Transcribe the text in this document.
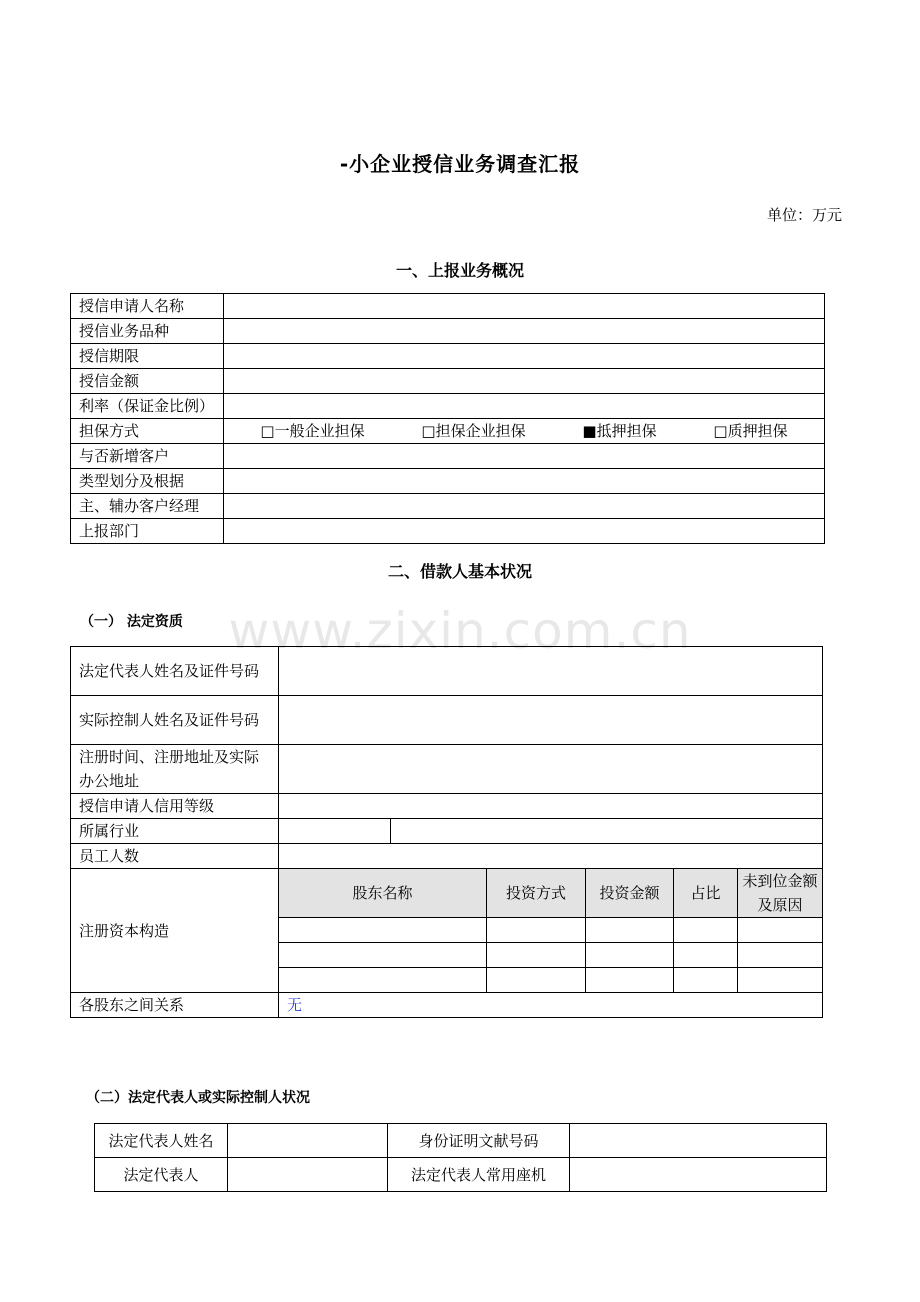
-小企业授信业务调查汇报
单位：万元
一、上报业务概况
授信申请人名称	
授信业务品种	
授信期限	
授信金额	
利率（保证金比例）	
担保方式	□一般企业担保 □担保企业担保 ■抵押担保 □质押担保

与否新增客户	
类型划分及根据	
主、辅办客户经理	
上报部门	
二、借款人基本状况
（一） 法定资质 www.zixin.com.cn
法定代表人姓名及证件号码						
实际控制人姓名及证件号码						
注册时间、注册地址及实际办公地址						
授信申请人信用等级						
所属行业						
员工人数						
注册资本构造	股东名称		投资方式	投资金额	占比	未到位金额及原因

各股东之间关系	无					
（二）法定代表人或实际控制人状况
法定代表人姓名		身份证明文献号码	
法定代表人		法定代表人常用座机	
